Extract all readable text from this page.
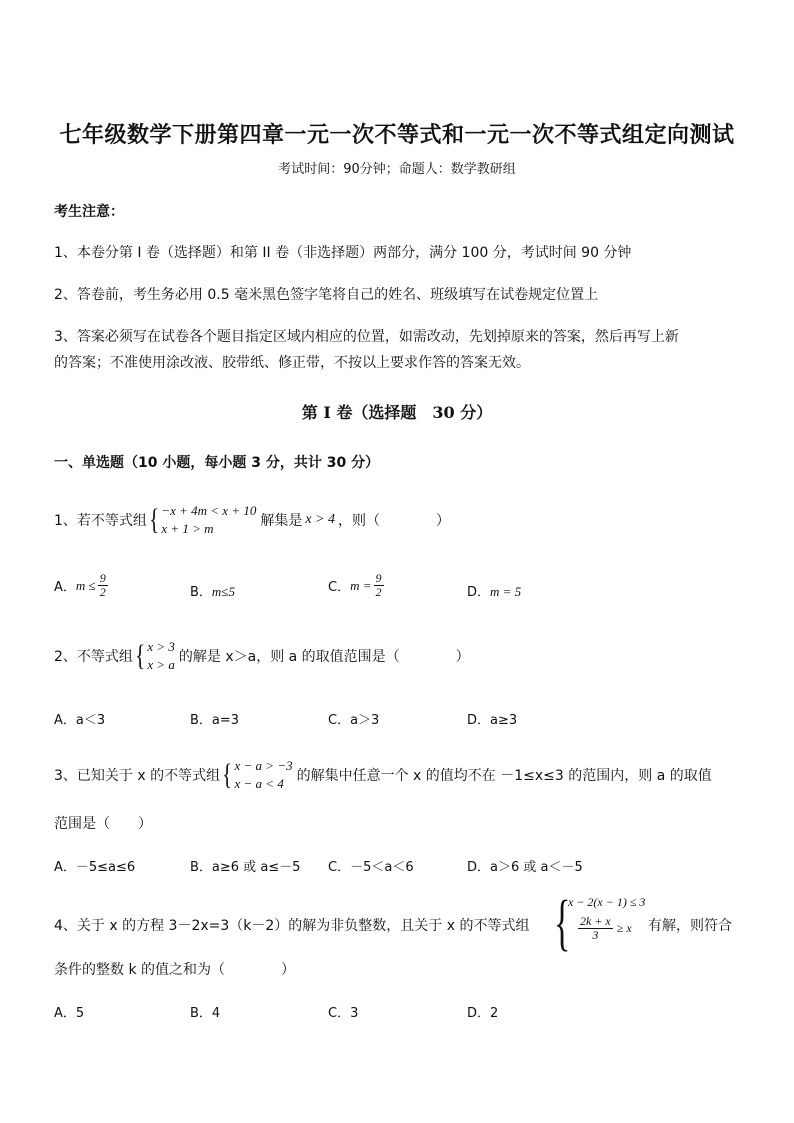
七年级数学下册第四章一元一次不等式和一元一次不等式组定向测试
考试时间：90分钟；命题人：数学教研组
考生注意：
1、本卷分第 I 卷（选择题）和第 II 卷（非选择题）两部分，满分 100 分，考试时间 90 分钟
2、答卷前，考生务必用 0.5 毫米黑色签字笔将自己的姓名、班级填写在试卷规定位置上
3、答案必须写在试卷各个题目指定区域内相应的位置，如需改动，先划掉原来的答案，然后再写上新
的答案；不准使用涂改液、胶带纸、修正带，不按以上要求作答的答案无效。
第 I 卷（选择题　30 分）
一、单选题（10 小题，每小题 3 分，共计 30 分）
1、若不等式组 { −x + 4m < x + 10
x + 1 > m	解集是 x > 4 ，则（　　　　）
A． $m \le \frac{9}{2}$	B．m≤5	C． $m = \frac{9}{2}$	D．m = 5
2、不等式组 { x > 3
x > a 的解是 x＞a，则 a 的取值范围是（　　　　）
A．a＜3	B．a=3	C．a＞3	D．a≥3
3、已知关于 x 的不等式组 { x − a > −3
x − a < 4 的解集中任意一个 x 的值均不在 －1≤x≤3 的范围内，则 a 的取值
范围是（　　）
A．－5≤a≤6	B．a≥6 或 a≤－5 C．－5＜a＜6	D．a＞6 或 a＜－5
4、关于 x 的方程 3－2x=3（k－2）的解为非负整数，且关于 x 的不等式组 {
x − 2(x − 1) ≤ 3
$\frac{2k + x}{3} \ge x$ 有解，则符合
条件的整数 k 的值之和为（　　　　）
A．5	B．4	C．3	D．2
